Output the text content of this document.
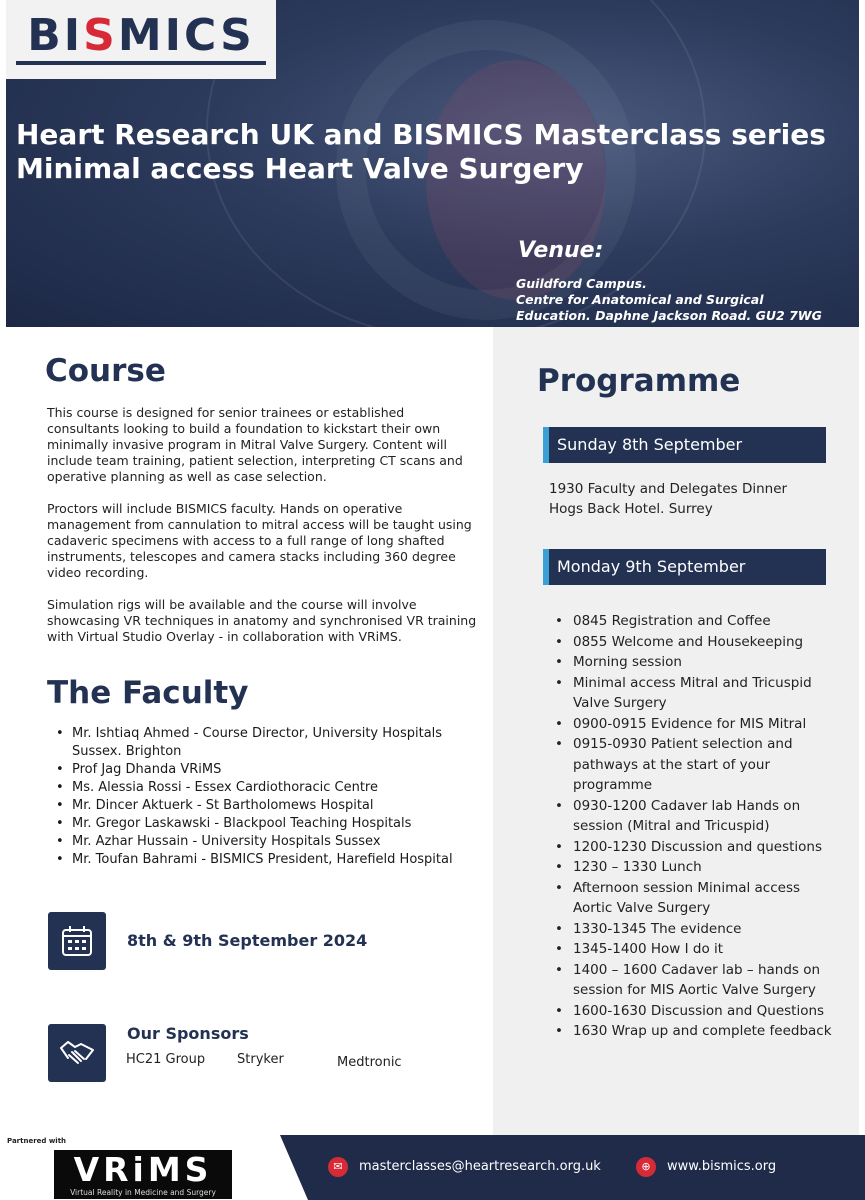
BISMICS
Heart Research UK and BISMICS Masterclass series
Minimal access Heart Valve Surgery
Venue:
Guildford Campus.
Centre for Anatomical and Surgical
Education. Daphne Jackson Road. GU2 7WG
Course

This course is designed for senior trainees or established consultants looking to build a foundation to kickstart their own minimally invasive program in Mitral Valve Surgery. Content will include team training, patient selection, interpreting CT scans and operative planning as well as case selection.

Proctors will include BISMICS faculty. Hands on operative management from cannulation to mitral access will be taught using cadaveric specimens with access to a full range of long shafted instruments, telescopes and camera stacks including 360 degree video recording.

Simulation rigs will be available and the course will involve showcasing VR techniques in anatomy and synchronised VR training with Virtual Studio Overlay - in collaboration with VRiMS.

The Faculty
• Mr. Ishtiaq Ahmed - Course Director, University Hospitals Sussex. Brighton
• Prof Jag Dhanda VRiMS
• Ms. Alessia Rossi - Essex Cardiothoracic Centre
• Mr. Dincer Aktuerk - St Bartholomews Hospital
• Mr. Gregor Laskawski - Blackpool Teaching Hospitals
• Mr. Azhar Hussain - University Hospitals Sussex
• Mr. Toufan Bahrami - BISMICS President, Harefield Hospital
8th & 9th September 2024
Our Sponsors
HC21 Group Stryker	Medtronic
Programme
Sunday 8th September
1930 Faculty and Delegates Dinner
Hogs Back Hotel. Surrey
Monday 9th September
• 0845 Registration and Coffee
• 0855 Welcome and Housekeeping
• Morning session
• Minimal access Mitral and Tricuspid Valve Surgery
• 0900-0915 Evidence for MIS Mitral
• 0915-0930 Patient selection and pathways at the start of your programme
• 0930-1200 Cadaver lab Hands on session (Mitral and Tricuspid)
• 1200-1230 Discussion and questions
• 1230 – 1330 Lunch
• Afternoon session Minimal access Aortic Valve Surgery
• 1330-1345 The evidence
• 1345-1400 How I do it
• 1400 – 1600 Cadaver lab – hands on session for MIS Aortic Valve Surgery
• 1600-1630 Discussion and Questions
• 1630 Wrap up and complete feedback
Partnered with
VRiMS
Virtual Reality in Medicine and Surgery
✉	masterclasses@heartresearch.org.uk	⊕	www.bismics.org
